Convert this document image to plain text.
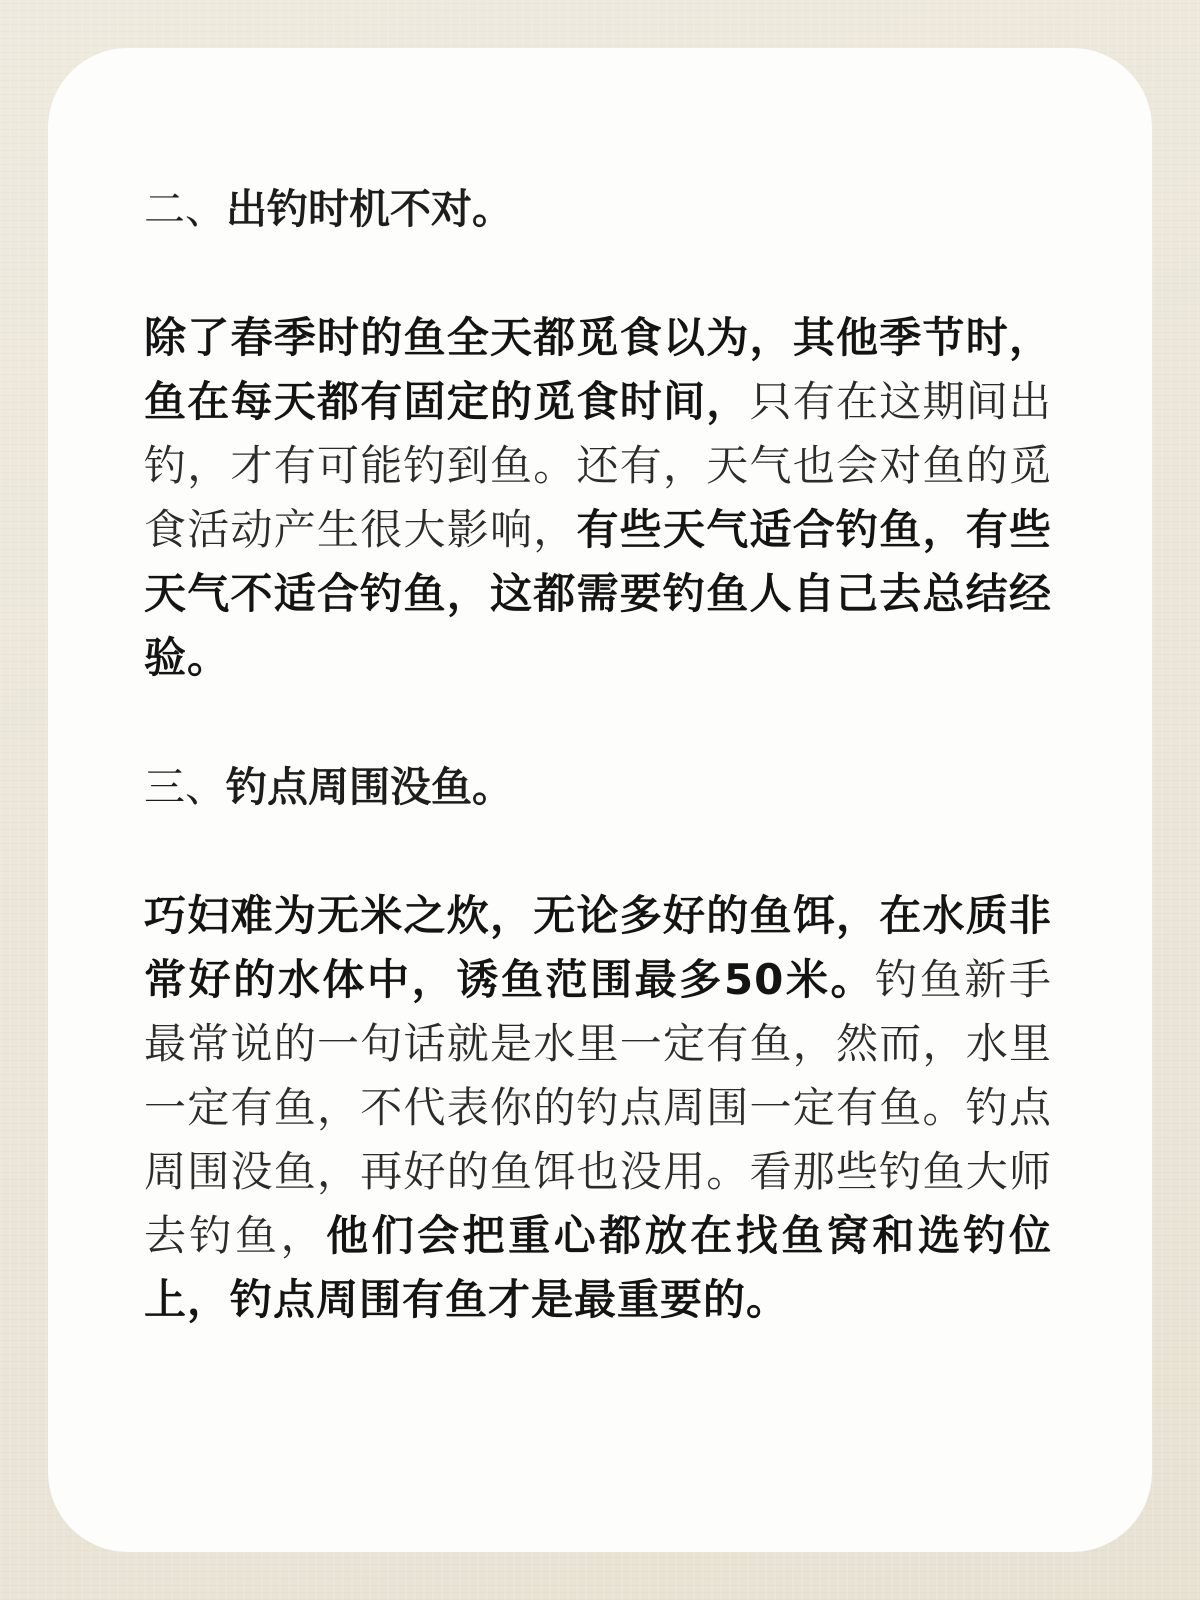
二、出钓时机不对。

除了春季时的鱼全天都觅食以为，其他季节时，鱼在每天都有固定的觅食时间，只有在这期间出钓，才有可能钓到鱼。还有，天气也会对鱼的觅食活动产生很大影响，有些天气适合钓鱼，有些天气不适合钓鱼，这都需要钓鱼人自己去总结经验。

三、钓点周围没鱼。

巧妇难为无米之炊，无论多好的鱼饵，在水质非常好的水体中，诱鱼范围最多50米。钓鱼新手最常说的一句话就是水里一定有鱼，然而，水里一定有鱼，不代表你的钓点周围一定有鱼。钓点周围没鱼，再好的鱼饵也没用。看那些钓鱼大师去钓鱼，他们会把重心都放在找鱼窝和选钓位上，钓点周围有鱼才是最重要的。
